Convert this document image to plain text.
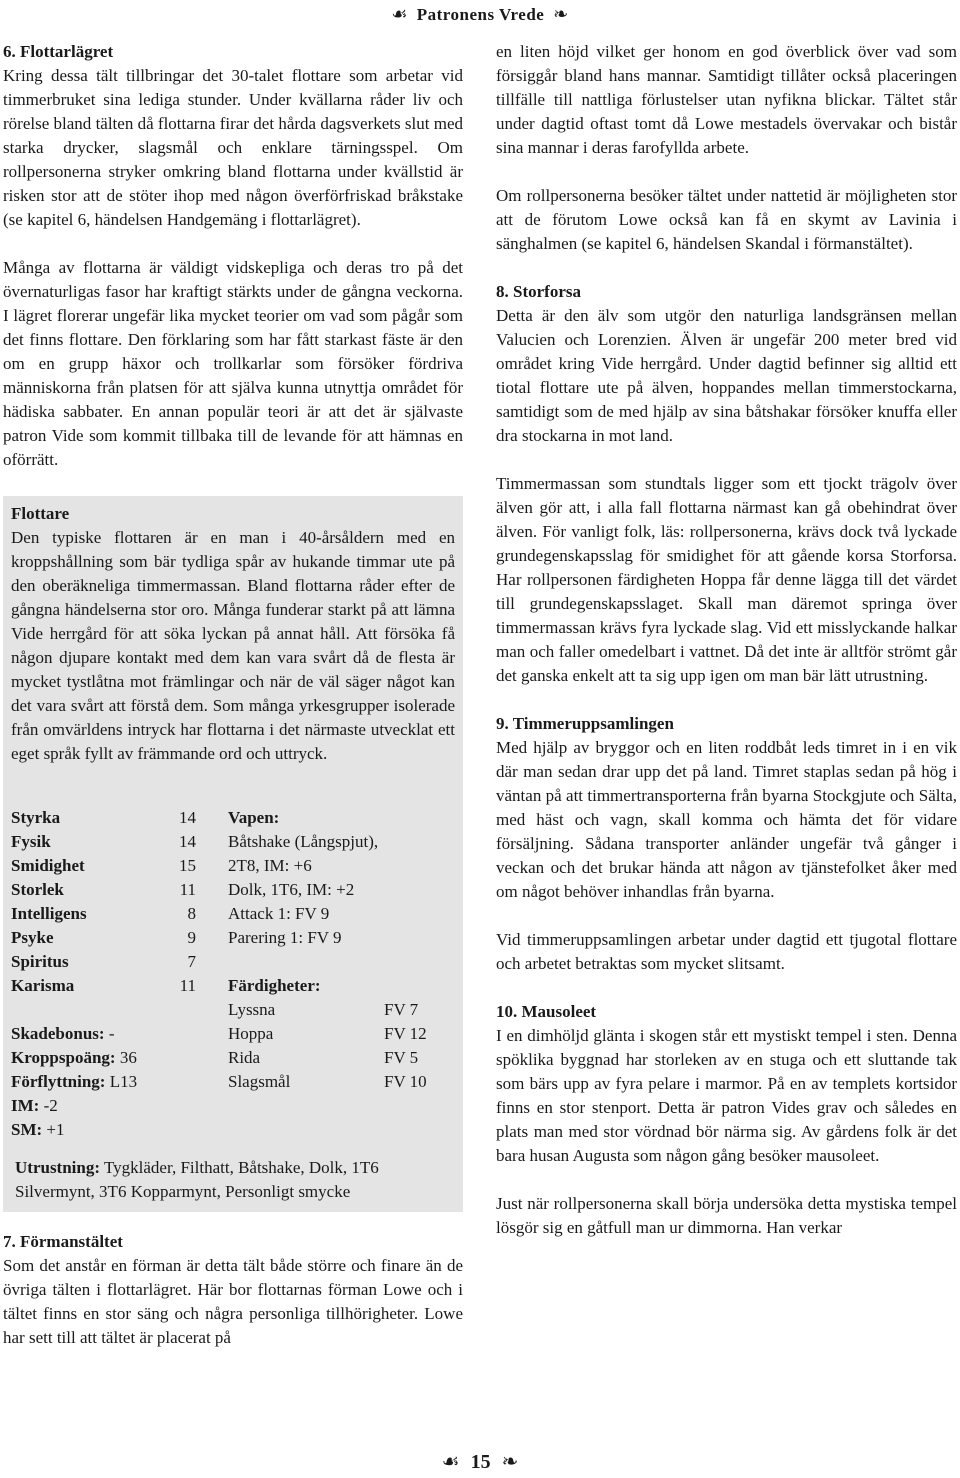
☙ Patronens Vrede ❧
6. Flottarlägret

Kring dessa tält tillbringar det 30-talet flottare som arbetar vid timmerbruket sina lediga stunder. Under kvällarna råder liv och rörelse bland tälten då flottarna firar det hårda dagsverkets slut med starka drycker, slagsmål och enklare tärningsspel. Om rollpersonerna stryker omkring bland flottarna under kvällstid är risken stor att de stöter ihop med någon överförfriskad bråkstake (se kapitel 6, händelsen Handgemäng i flottarlägret).

Många av flottarna är väldigt vidskepliga och deras tro på det övernaturligas fasor har kraftigt stärkts under de gångna veckorna. I lägret florerar ungefär lika mycket teorier om vad som pågår som det finns flottare. Den förklaring som har fått starkast fäste är den om en grupp häxor och trollkarlar som försöker fördriva människorna från platsen för att själva kunna utnyttja området för hädiska sabbater. En annan populär teori är att det är självaste patron Vide som kommit tillbaka till de levande för att hämnas en oförrätt.

Flottare

Den typiske flottaren är en man i 40-årsåldern med en kroppshållning som bär tydliga spår av hukande timmar ute på den oberäkneliga timmermassan. Bland flottarna råder efter de gångna händelserna stor oro. Många funderar starkt på att lämna Vide herrgård för att söka lyckan på annat håll. Att försöka få någon djupare kontakt med dem kan vara svårt då de flesta är mycket tystlåtna mot främlingar och när de väl säger något kan det vara svårt att förstå dem. Som många yrkesgrupper isolerade från omvärldens intryck har flottarna i det närmaste utvecklat ett eget språk fyllt av främmande ord och uttryck.

Styrka	14
Fysik	14
Smidighet	15
Storlek	11
Intelligens	8
Psyke	9
Spiritus	7
Karisma	11
Skadebonus: -
Kroppspoäng: 36
Förflyttning: L13
IM: -2
SM: +1
Vapen:
Båtshake (Långspjut),
2T8, IM: +6
Dolk, 1T6, IM: +2
Attack 1: FV 9
Parering 1: FV 9
Färdigheter:
Lyssna	FV 7
Hoppa	FV 12
Rida	FV 5
Slagsmål	FV 10
Utrustning: Tygkläder, Filthatt, Båtshake, Dolk, 1T6 Silvermynt, 3T6 Kopparmynt, Personligt smycke
7. Förmanstältet

Som det anstår en förman är detta tält både större och finare än de övriga tälten i flottarlägret. Här bor flottarnas förman Lowe och i tältet finns en stor säng och några personliga tillhörigheter. Lowe har sett till att tältet är placerat på

en liten höjd vilket ger honom en god överblick över vad som försiggår bland hans mannar. Samtidigt tillåter också placeringen tillfälle till nattliga förlustelser utan nyfikna blickar. Tältet står under dagtid oftast tomt då Lowe mestadels övervakar och bistår sina mannar i deras farofyllda arbete.

Om rollpersonerna besöker tältet under nattetid är möjligheten stor att de förutom Lowe också kan få en skymt av Lavinia i sänghalmen (se kapitel 6, händelsen Skandal i förmanstältet).

8. Storforsa

Detta är den älv som utgör den naturliga landsgränsen mellan Valucien och Lorenzien. Älven är ungefär 200 meter bred vid området kring Vide herrgård. Under dagtid befinner sig alltid ett tiotal flottare ute på älven, hoppandes mellan timmerstockarna, samtidigt som de med hjälp av sina båtshakar försöker knuffa eller dra stockarna in mot land.

Timmermassan som stundtals ligger som ett tjockt trägolv över älven gör att, i alla fall flottarna närmast kan gå obehindrat över älven. För vanligt folk, läs: rollpersonerna, krävs dock två lyckade grundegenskapsslag för smidighet för att gående korsa Storforsa. Har rollpersonen färdigheten Hoppa får denne lägga till det värdet till grundegenskapsslaget. Skall man däremot springa över timmermassan krävs fyra lyckade slag. Vid ett misslyckande halkar man och faller omedelbart i vattnet. Då det inte är alltför strömt går det ganska enkelt att ta sig upp igen om man bär lätt utrustning.

9. Timmeruppsamlingen

Med hjälp av bryggor och en liten roddbåt leds timret in i en vik där man sedan drar upp det på land. Timret staplas sedan på hög i väntan på att timmertransporterna från byarna Stockgjute och Sälta, med häst och vagn, skall komma och hämta det för vidare försäljning. Sådana transporter anländer ungefär två gånger i veckan och det brukar hända att någon av tjänstefolket åker med om något behöver inhandlas från byarna.

Vid timmeruppsamlingen arbetar under dagtid ett tjugotal flottare och arbetet betraktas som mycket slitsamt.

10. Mausoleet

I en dimhöljd glänta i skogen står ett mystiskt tempel i sten. Denna spöklika byggnad har storleken av en stuga och ett sluttande tak som bärs upp av fyra pelare i marmor. På en av templets kortsidor finns en stor stenport. Detta är patron Vides grav och således en plats man med stor vördnad bör närma sig. Av gårdens folk är det bara husan Augusta som någon gång besöker mausoleet.

Just när rollpersonerna skall börja undersöka detta mystiska tempel lösgör sig en gåtfull man ur dimmorna. Han verkar

☙ 15 ❧
